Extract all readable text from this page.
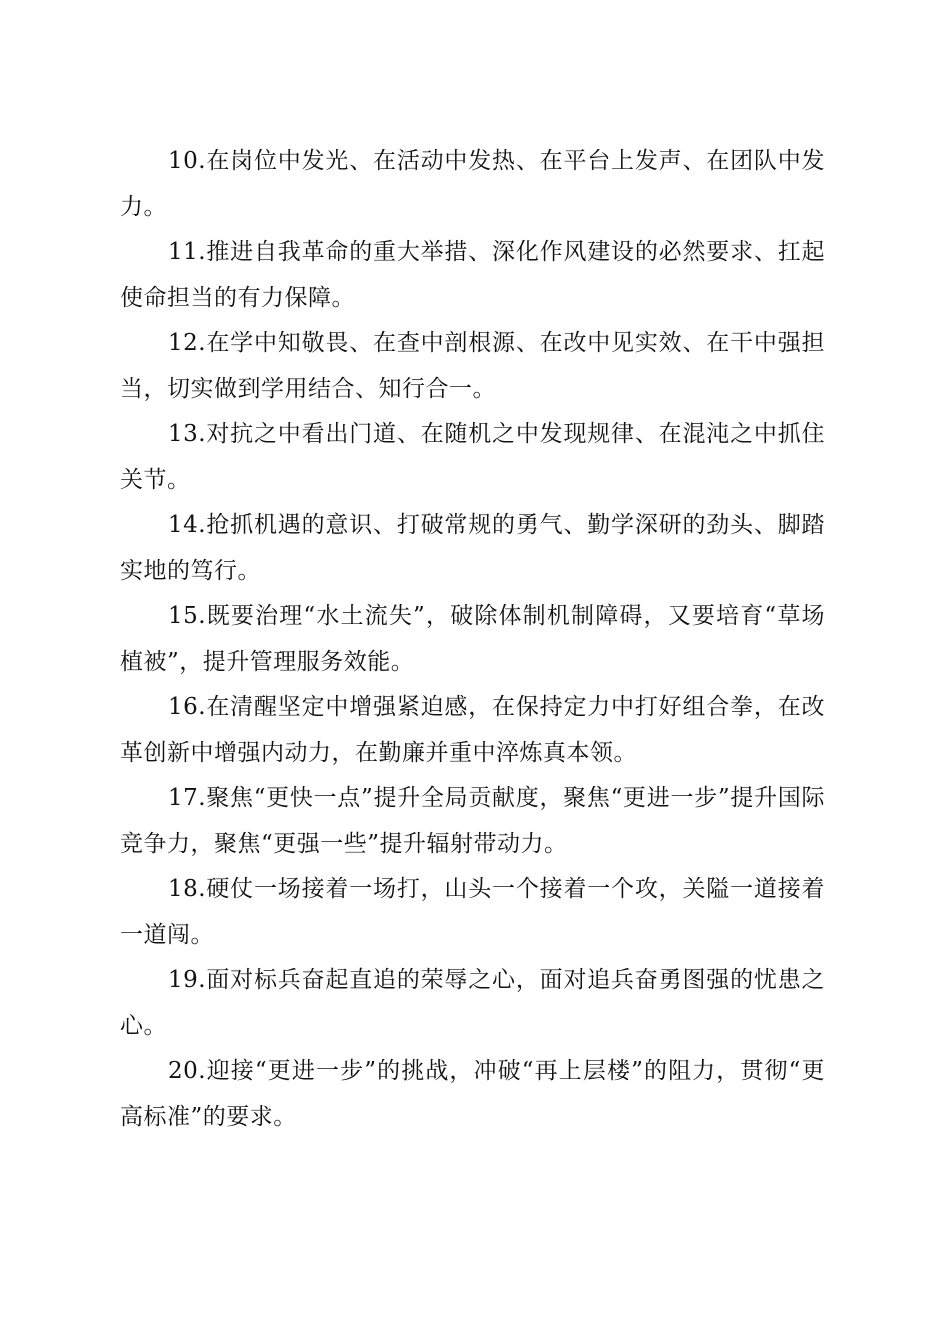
10.在岗位中发光、在活动中发热、在平台上发声、在团队中发力。

11.推进自我革命的重大举措、深化作风建设的必然要求、扛起使命担当的有力保障。

12.在学中知敬畏、在查中剖根源、在改中见实效、在干中强担当，切实做到学用结合、知行合一。

13.对抗之中看出门道、在随机之中发现规律、在混沌之中抓住关节。

14.抢抓机遇的意识、打破常规的勇气、勤学深研的劲头、脚踏实地的笃行。

15.既要治理“水土流失”，破除体制机制障碍，又要培育“草场植被”，提升管理服务效能。

16.在清醒坚定中增强紧迫感，在保持定力中打好组合拳，在改革创新中增强内动力，在勤廉并重中淬炼真本领。

17.聚焦“更快一点”提升全局贡献度，聚焦“更进一步”提升国际竞争力，聚焦“更强一些”提升辐射带动力。

18.硬仗一场接着一场打，山头一个接着一个攻，关隘一道接着一道闯。

19.面对标兵奋起直追的荣辱之心，面对追兵奋勇图强的忧患之心。

20.迎接“更进一步”的挑战，冲破“再上层楼”的阻力，贯彻“更高标准”的要求。
